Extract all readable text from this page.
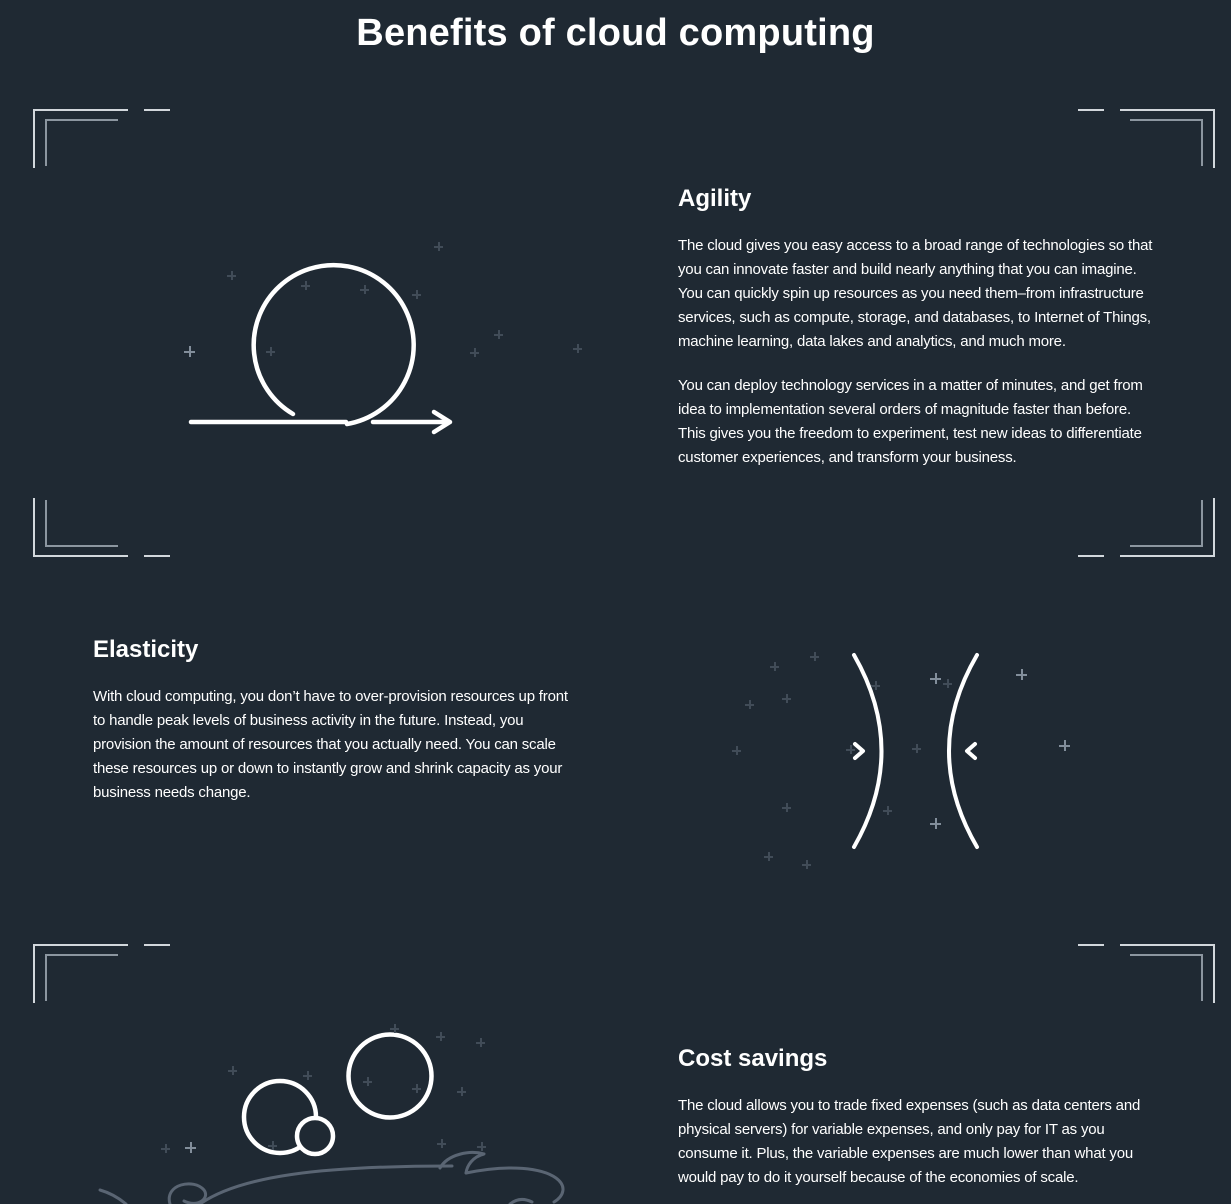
Benefits of cloud computing
Agility

The cloud gives you easy access to a broad range of technologies so that you can innovate faster and build nearly anything that you can imagine. You can quickly spin up resources as you need them–from infrastructure services, such as compute, storage, and databases, to Internet of Things, machine learning, data lakes and analytics, and much more.

You can deploy technology services in a matter of minutes, and get from idea to implementation several orders of magnitude faster than before. This gives you the freedom to experiment, test new ideas to differentiate customer experiences, and transform your business.

Elasticity

With cloud computing, you don’t have to over-provision resources up front to handle peak levels of business activity in the future. Instead, you provision the amount of resources that you actually need. You can scale these resources up or down to instantly grow and shrink capacity as your business needs change.

Cost savings

The cloud allows you to trade fixed expenses (such as data centers and physical servers) for variable expenses, and only pay for IT as you consume it. Plus, the variable expenses are much lower than what you would pay to do it yourself because of the economies of scale.
